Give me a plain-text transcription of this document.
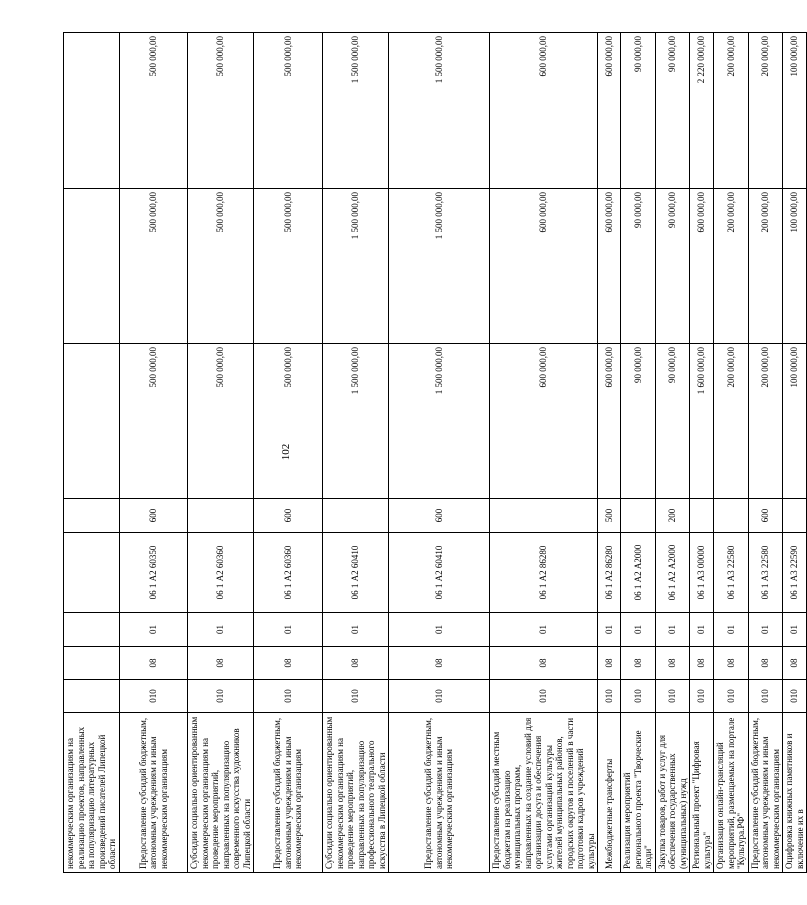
102
некоммерческим организациям на реализацию проектов, направленных на популяризацию литературных произведений писателей Липецкой области								
Предоставление субсидий бюджетным, автономным учреждениям и иным некоммерческим организациям	010	08	01	06 1 А2 60350	600	500 000,00	500 000,00	500 000,00
Субсидии социально ориентированным некоммерческим организациям на проведение мероприятий, направленных на популяризацию современного искусства художников Липецкой области	010	08	01	06 1 А2 60360		500 000,00	500 000,00	500 000,00
Предоставление субсидий бюджетным, автономным учреждениям и иным некоммерческим организациям	010	08	01	06 1 А2 60360	600	500 000,00	500 000,00	500 000,00
Субсидии социально ориентированным некоммерческим организациям на проведение мероприятий, направленных на популяризацию профессионального театрального искусства в Липецкой области	010	08	01	06 1 А2 60410		1 500 000,00	1 500 000,00	1 500 000,00
Предоставление субсидий бюджетным, автономным учреждениям и иным некоммерческим организациям	010	08	01	06 1 А2 60410	600	1 500 000,00	1 500 000,00	1 500 000,00
Предоставление субсидий местным бюджетам на реализацию муниципальных программ, направленных на создание условий для организации досуга и обеспечения услугами организаций культуры жителей муниципальных районов, городских округов и поселений в части подготовки кадров учреждений культуры	010	08	01	06 1 А2 86280		600 000,00	600 000,00	600 000,00
Межбюджетные трансферты	010	08	01	06 1 А2 86280	500	600 000,00	600 000,00	600 000,00
Реализация мероприятий регионального проекта "Творческие люди"	010	08	01	06 1 А2 А2000		90 000,00	90 000,00	90 000,00
Закупка товаров, работ и услуг для обеспечения государственных (муниципальных) нужд	010	08	01	06 1 А2 А2000	200	90 000,00	90 000,00	90 000,00
Региональный проект "Цифровая культура"	010	08	01	06 1 А3 00000		1 600 000,00	600 000,00	2 220 000,00
Организация онлайн-трансляций мероприятий, размещаемых на портале "Культура.РФ"	010	08	01	06 1 А3 22580		200 000,00	200 000,00	200 000,00
Предоставление субсидий бюджетным, автономным учреждениям и иным некоммерческим организациям	010	08	01	06 1 А3 22580	600	200 000,00	200 000,00	200 000,00
Оцифровка книжных памятников и включение их в	010	08	01	06 1 А3 22590		100 000,00	100 000,00	100 000,00
